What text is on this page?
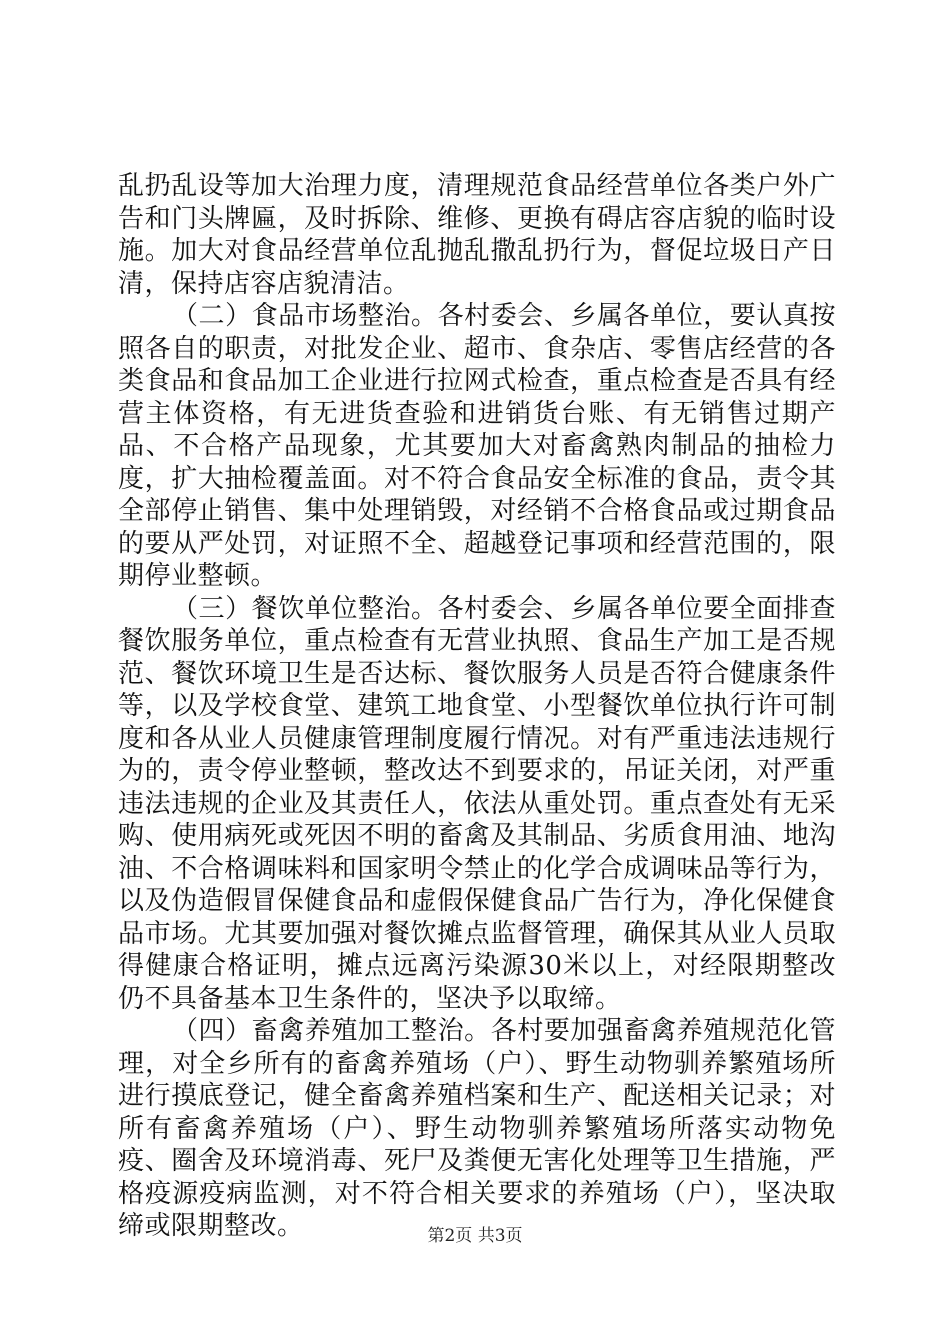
乱扔乱设等加大治理力度，清理规范食品经营单位各类户外广告和门头牌匾，及时拆除、维修、更换有碍店容店貌的临时设施。加大对食品经营单位乱抛乱撒乱扔行为，督促垃圾日产日清，保持店容店貌清洁。

（二）食品市场整治。各村委会、乡属各单位，要认真按照各自的职责，对批发企业、超市、食杂店、零售店经营的各类食品和食品加工企业进行拉网式检查，重点检查是否具有经营主体资格，有无进货查验和进销货台账、有无销售过期产品、不合格产品现象，尤其要加大对畜禽熟肉制品的抽检力度，扩大抽检覆盖面。对不符合食品安全标准的食品，责令其全部停止销售、集中处理销毁，对经销不合格食品或过期食品的要从严处罚，对证照不全、超越登记事项和经营范围的，限期停业整顿。

（三）餐饮单位整治。各村委会、乡属各单位要全面排查餐饮服务单位，重点检查有无营业执照、食品生产加工是否规范、餐饮环境卫生是否达标、餐饮服务人员是否符合健康条件等，以及学校食堂、建筑工地食堂、小型餐饮单位执行许可制度和各从业人员健康管理制度履行情况。对有严重违法违规行为的，责令停业整顿，整改达不到要求的，吊证关闭，对严重违法违规的企业及其责任人，依法从重处罚。重点查处有无采购、使用病死或死因不明的畜禽及其制品、劣质食用油、地沟油、不合格调味料和国家明令禁止的化学合成调味品等行为，以及伪造假冒保健食品和虚假保健食品广告行为，净化保健食品市场。尤其要加强对餐饮摊点监督管理，确保其从业人员取得健康合格证明，摊点远离污染源30米以上，对经限期整改仍不具备基本卫生条件的，坚决予以取缔。

（四）畜禽养殖加工整治。各村要加强畜禽养殖规范化管理，对全乡所有的畜禽养殖场（户）、野生动物驯养繁殖场所进行摸底登记，健全畜禽养殖档案和生产、配送相关记录；对所有畜禽养殖场（户）、野生动物驯养繁殖场所落实动物免疫、圈舍及环境消毒、死尸及粪便无害化处理等卫生措施，严格疫源疫病监测，对不符合相关要求的养殖场（户），坚决取缔或限期整改。	第2页 共3页
